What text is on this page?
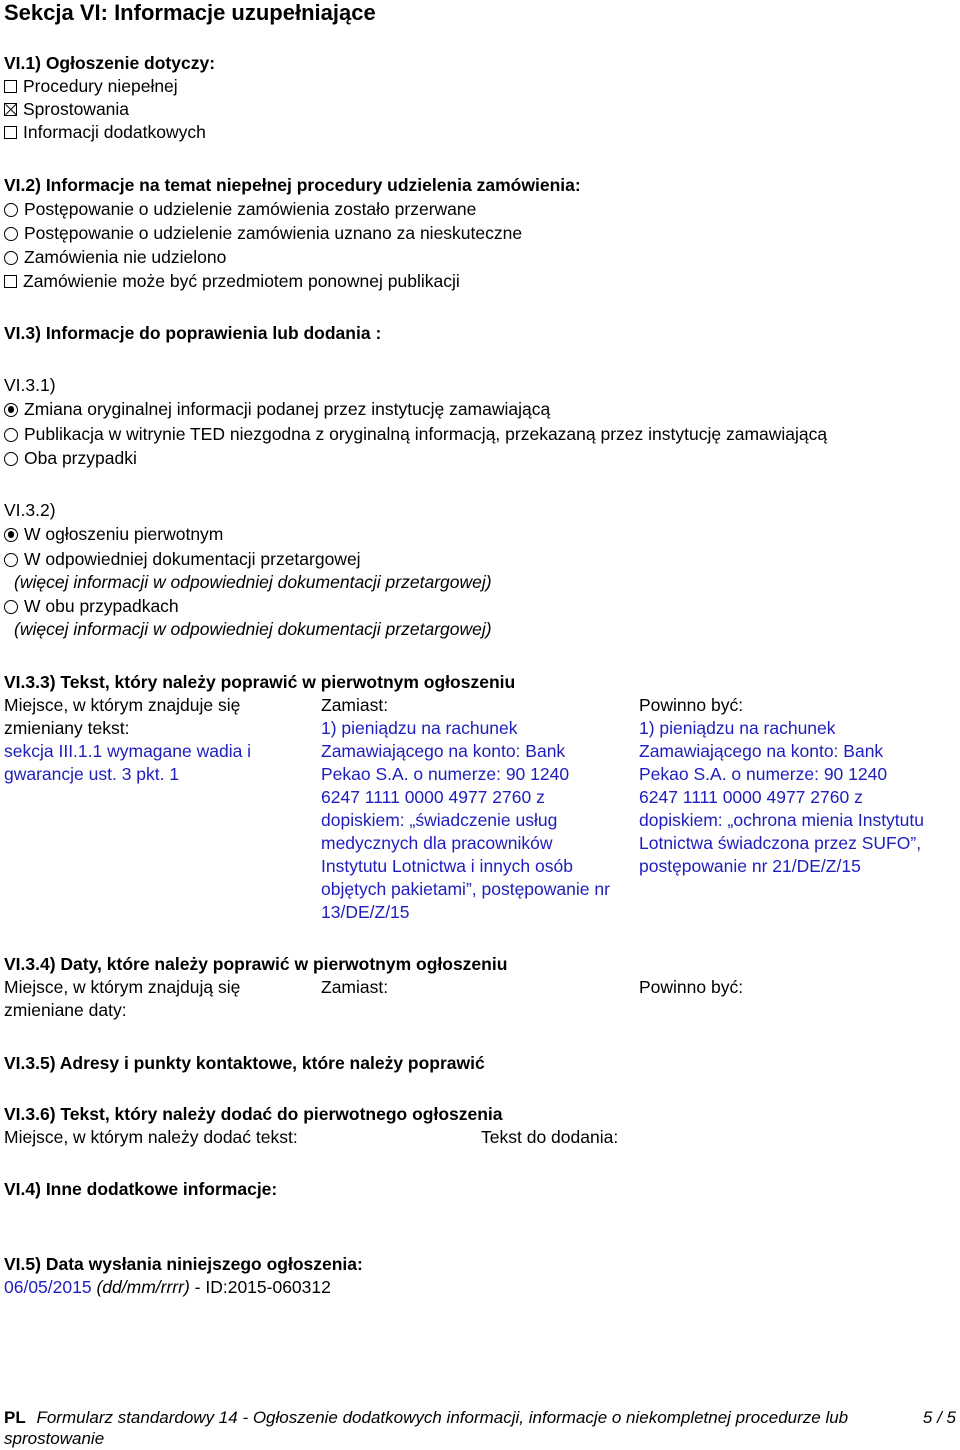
Sekcja VI: Informacje uzupełniające
VI.1) Ogłoszenie dotyczy:
Procedury niepełnej
Sprostowania
Informacji dodatkowych
VI.2) Informacje na temat niepełnej procedury udzielenia zamówienia:
Postępowanie o udzielenie zamówienia zostało przerwane
Postępowanie o udzielenie zamówienia uznano za nieskuteczne
Zamówienia nie udzielono
Zamówienie może być przedmiotem ponownej publikacji
VI.3) Informacje do poprawienia lub dodania :
VI.3.1)
Zmiana oryginalnej informacji podanej przez instytucję zamawiającą
Publikacja w witrynie TED niezgodna z oryginalną informacją, przekazaną przez instytucję zamawiającą
Oba przypadki
VI.3.2)
W ogłoszeniu pierwotnym
W odpowiedniej dokumentacji przetargowej
(więcej informacji w odpowiedniej dokumentacji przetargowej)
W obu przypadkach
(więcej informacji w odpowiedniej dokumentacji przetargowej)
VI.3.3) Tekst, który należy poprawić w pierwotnym ogłoszeniu
Miejsce, w którym znajduje się
zmieniany tekst:
sekcja III.1.1 wymagane wadia i
gwarancje ust. 3 pkt. 1
Zamiast:
1) pieniądzu na rachunek
Zamawiającego na konto: Bank
Pekao S.A. o numerze: 90 1240
6247 1111 0000 4977 2760 z
dopiskiem: „świadczenie usług
medycznych dla pracowników
Instytutu Lotnictwa i innych osób
objętych pakietami”, postępowanie nr
13/DE/Z/15
Powinno być:
1) pieniądzu na rachunek
Zamawiającego na konto: Bank
Pekao S.A. o numerze: 90 1240
6247 1111 0000 4977 2760 z
dopiskiem: „ochrona mienia Instytutu
Lotnictwa świadczona przez SUFO”,
postępowanie nr 21/DE/Z/15
VI.3.4) Daty, które należy poprawić w pierwotnym ogłoszeniu
Miejsce, w którym znajdują się
zmieniane daty:
Zamiast:	Powinno być:
VI.3.5) Adresy i punkty kontaktowe, które należy poprawić
VI.3.6) Tekst, który należy dodać do pierwotnego ogłoszenia
Miejsce, w którym należy dodać tekst:	Tekst do dodania:
VI.4) Inne dodatkowe informacje:
VI.5) Data wysłania niniejszego ogłoszenia:
06/05/2015 (dd/mm/rrrr) - ID:2015-060312
PL Formularz standardowy 14 - Ogłoszenie dodatkowych informacji, informacje o niekompletnej procedurze lub
sprostowanie
5 / 5
